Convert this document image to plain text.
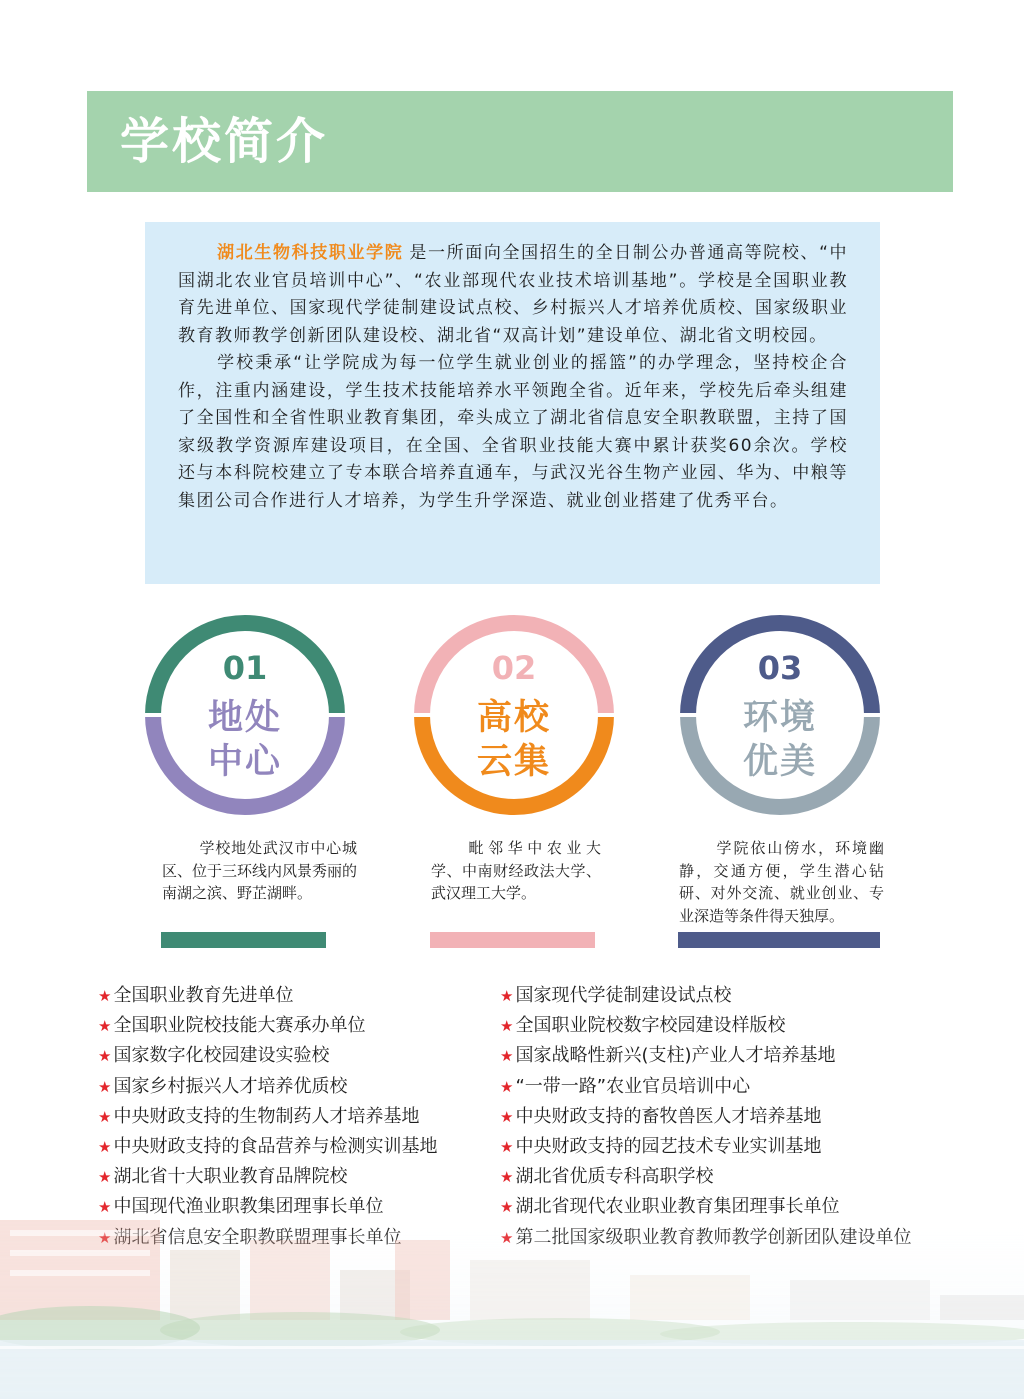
学校简介

湖北生物科技职业学院 是一所面向全国招生的全日制公办普通高等院校、“中国湖北农业官员培训中心”、“农业部现代农业技术培训基地”。学校是全国职业教育先进单位、国家现代学徒制建设试点校、乡村振兴人才培养优质校、国家级职业教育教师教学创新团队建设校、湖北省“双高计划”建设单位、湖北省文明校园。

学校秉承“让学院成为每一位学生就业创业的摇篮”的办学理念，坚持校企合作，注重内涵建设，学生技术技能培养水平领跑全省。近年来，学校先后牵头组建了全国性和全省性职业教育集团，牵头成立了湖北省信息安全职教联盟，主持了国家级教学资源库建设项目，在全国、全省职业技能大赛中累计获奖60余次。学校还与本科院校建立了专本联合培养直通车，与武汉光谷生物产业园、华为、中粮等集团公司合作进行人才培养，为学生升学深造、就业创业搭建了优秀平台。

01
地处
中心
02
高校
云集
03
环境
优美

学校地处武汉市中心城区、位于三环线内风景秀丽的南湖之滨、野芷湖畔。

毗邻华中农业大学、中南财经政法大学、武汉理工大学。

学院依山傍水，环境幽静，交通方便，学生潜心钻研、对外交流、就业创业、专业深造等条件得天独厚。

★ 全国职业教育先进单位
★ 全国职业院校技能大赛承办单位
★ 国家数字化校园建设实验校
★ 国家乡村振兴人才培养优质校
★ 中央财政支持的生物制药人才培养基地
★ 中央财政支持的食品营养与检测实训基地
★ 湖北省十大职业教育品牌院校
★ 国家现代学徒制建设试点校
★ 全国职业院校数字校园建设样版校
★ 国家战略性新兴(支柱)产业人才培养基地
★ “一带一路”农业官员培训中心
★ 中央财政支持的畜牧兽医人才培养基地
★ 中央财政支持的园艺技术专业实训基地
★ 湖北省优质专科高职学校
